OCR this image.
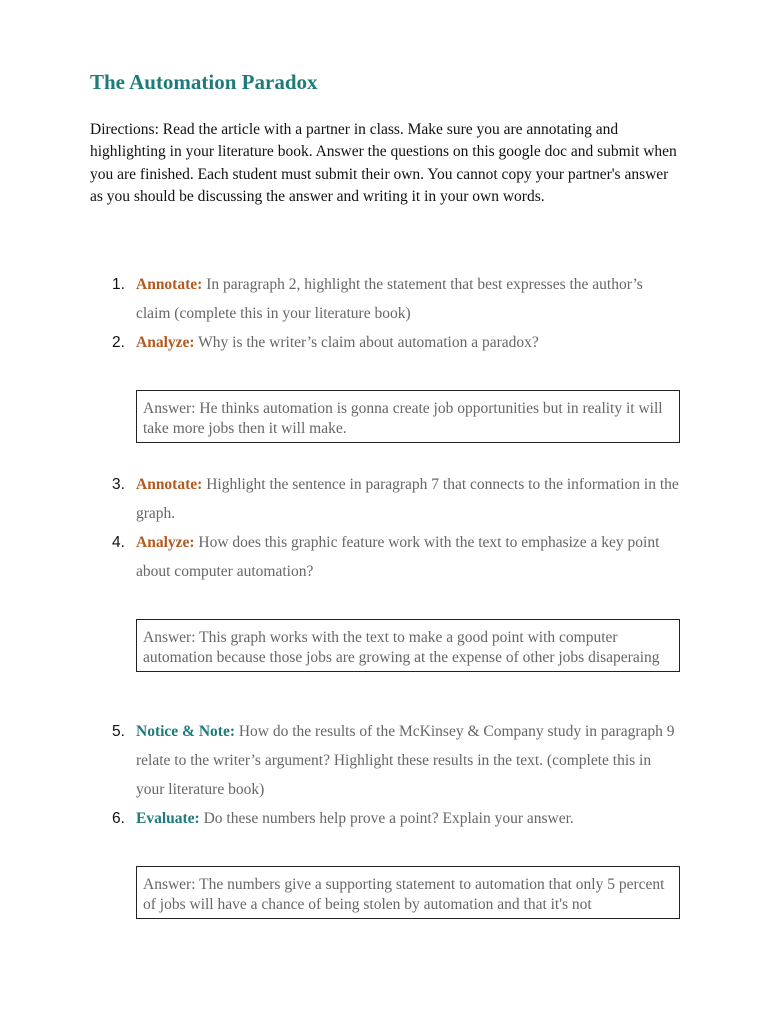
The Automation Paradox

Directions: Read the article with a partner in class. Make sure you are annotating and highlighting in your literature book. Answer the questions on this google doc and submit when you are finished. Each student must submit their own. You cannot copy your partner's answer as you should be discussing the answer and writing it in your own words.

1. Annotate: In paragraph 2, highlight the statement that best expresses the author’s claim (complete this in your literature book)
2. Analyze: Why is the writer’s claim about automation a paradox?
Answer: He thinks automation is gonna create job opportunities but in reality it will take more jobs then it will make.
3. Annotate: Highlight the sentence in paragraph 7 that connects to the information in the graph.
4. Analyze: How does this graphic feature work with the text to emphasize a key point about computer automation?
Answer: This graph works with the text to make a good point with computer automation because those jobs are growing at the expense of other jobs disaperaing
5. Notice & Note: How do the results of the McKinsey & Company study in paragraph 9 relate to the writer’s argument? Highlight these results in the text. (complete this in your literature book)
6. Evaluate: Do these numbers help prove a point? Explain your answer.
Answer: The numbers give a supporting statement to automation that only 5 percent of jobs will have a chance of being stolen by automation and that it's not
